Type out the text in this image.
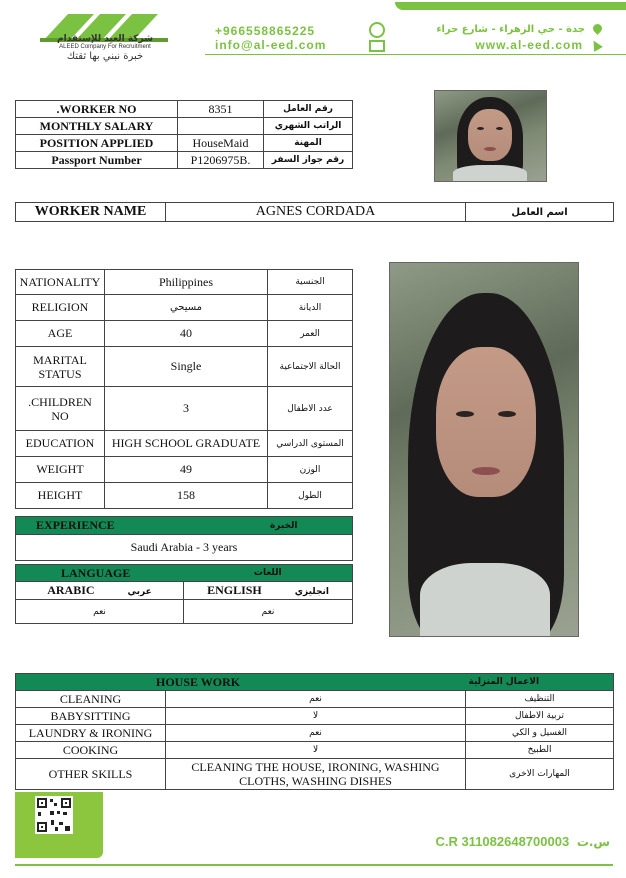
شركة العيد للإستقدام
ALEED Company For Recruitment
خبرة نبني بها ثقتك
+966558865225	جدة - حي الزهراء - شارع حراء
info@al-eed.com	www.al-eed.com
.WORKER NO	8351	رقم العامل
MONTHLY SALARY		الراتب الشهري
POSITION APPLIED	HouseMaid	المهنة
Passport Number	P1206975B.	رقم جواز السفر
WORKER NAME	AGNES CORDADA	اسم العامل
NATIONALITY	Philippines	الجنسية
RELIGION	مسيحي	الديانة
AGE	40	العمر
MARITAL STATUS	Single	الحالة الاجتماعية
.CHILDREN NO	3	عدد الاطفال
EDUCATION	HIGH SCHOOL GRADUATE	المستوى الدراسي
WEIGHT	49	الوزن
HEIGHT	158	الطول
EXPERIENCE	الخبرة
Saudi Arabia - 3 years
LANGUAGE	اللغات
ARABIC عربي	ENGLISH انجليزي
نعم	نعم
HOUSE WORK		الاعمال المنزلية
CLEANING	نعم	التنظيف
BABYSITTING	لا	تربية الاطفال
LAUNDRY & IRONING	نعم	الغسيل و الكي
COOKING	لا	الطبيخ
OTHER SKILLS	CLEANING THE HOUSE, IRONING, WASHING
CLOTHS, WASHING DISHES	المهارات الاخرى
C.R 311082648700003 س.ت
